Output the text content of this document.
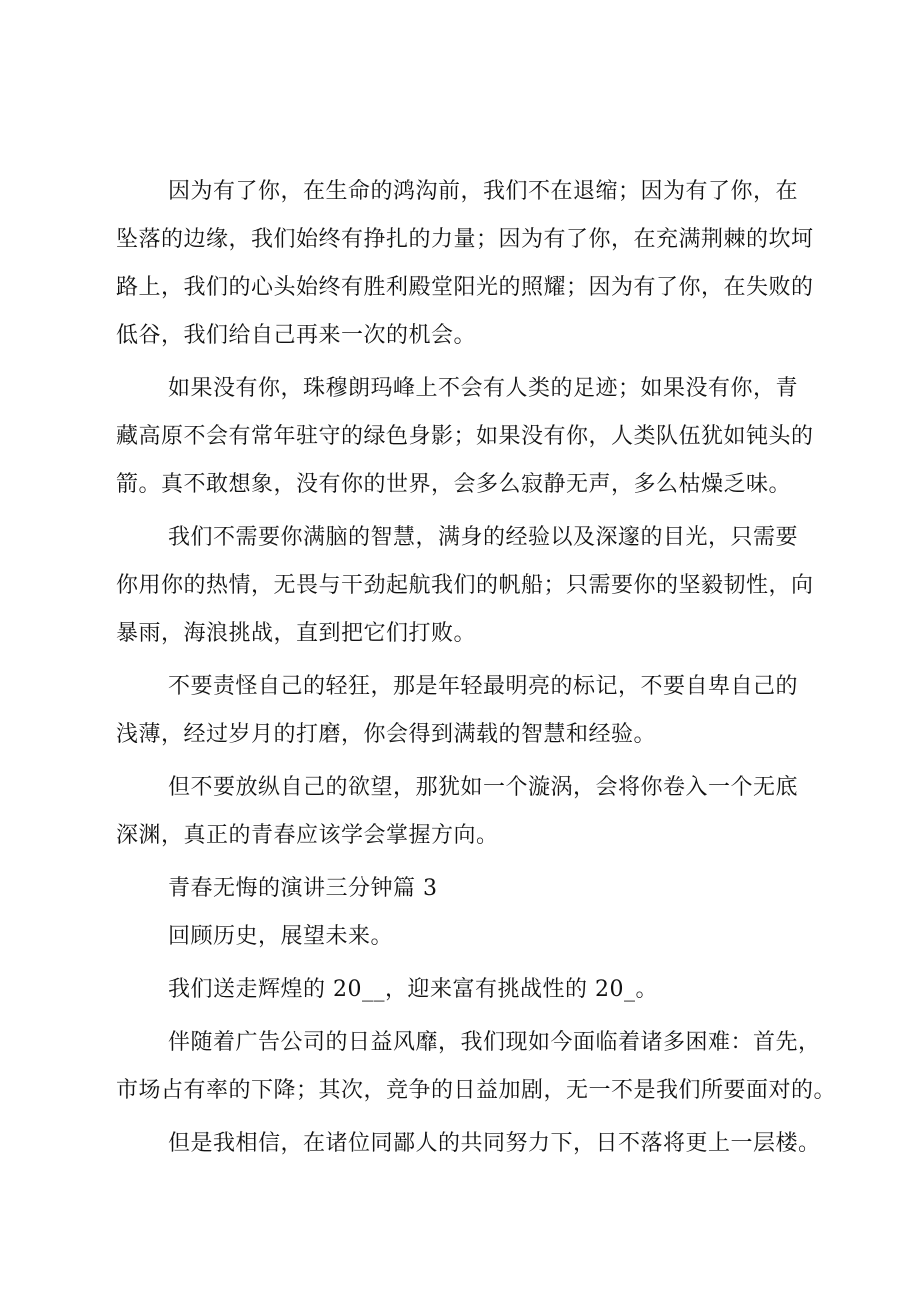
因为有了你，在生命的鸿沟前，我们不在退缩；因为有了你，在
坠落的边缘，我们始终有挣扎的力量；因为有了你，在充满荆棘的坎坷
路上，我们的心头始终有胜利殿堂阳光的照耀；因为有了你，在失败的
低谷，我们给自己再来一次的机会。
如果没有你，珠穆朗玛峰上不会有人类的足迹；如果没有你，青
藏高原不会有常年驻守的绿色身影；如果没有你，人类队伍犹如钝头的
箭。真不敢想象，没有你的世界，会多么寂静无声，多么枯燥乏味。
我们不需要你满脑的智慧，满身的经验以及深邃的目光，只需要
你用你的热情，无畏与干劲起航我们的帆船；只需要你的坚毅韧性，向
暴雨，海浪挑战，直到把它们打败。
不要责怪自己的轻狂，那是年轻最明亮的标记，不要自卑自己的
浅薄，经过岁月的打磨，你会得到满载的智慧和经验。
但不要放纵自己的欲望，那犹如一个漩涡，会将你卷入一个无底
深渊，真正的青春应该学会掌握方向。
青春无悔的演讲三分钟篇 3
回顾历史，展望未来。
我们送走辉煌的 20__，迎来富有挑战性的 20_。
伴随着广告公司的日益风靡，我们现如今面临着诸多困难：首先，
市场占有率的下降；其次，竞争的日益加剧，无一不是我们所要面对的。
但是我相信，在诸位同鄙人的共同努力下，日不落将更上一层楼。
